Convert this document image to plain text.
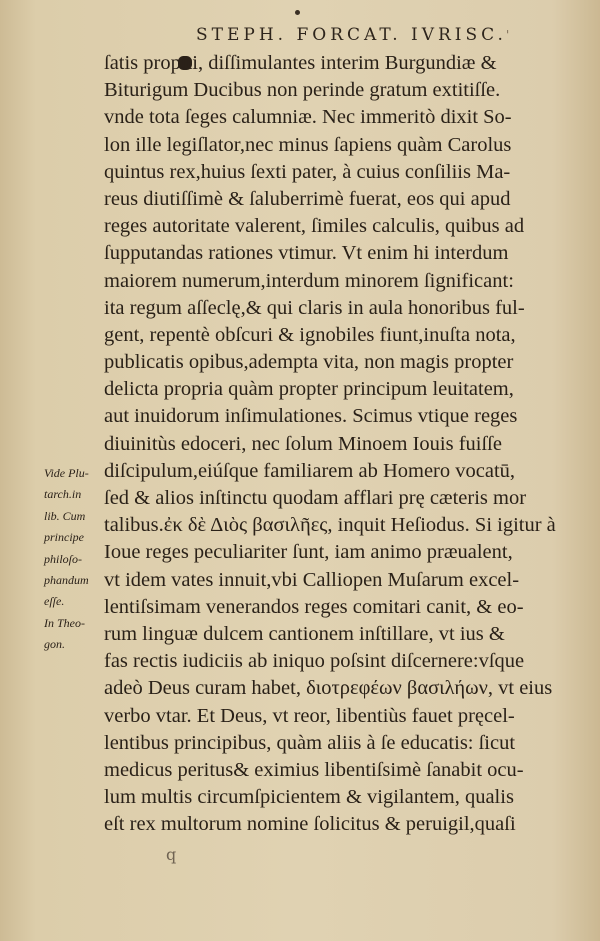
STEPH. FORCAT. IVRISC. '
ſatis propiti, diſſimulantes interim Burgundiæ &
Biturigum Ducibus non perinde gratum extitiſſe.
vnde tota ſeges calumniæ. Nec immeritò dixit So-
lon ille legiſlator,nec minus ſapiens quàm Carolus
quintus rex,huius ſexti pater, à cuius conſiliis Ma-
reus diutiſſimè & ſaluberrimè fuerat, eos qui apud
reges autoritate valerent, ſimiles calculis, quibus ad
ſupputandas rationes vtimur. Vt enim hi interdum
maiorem numerum,interdum minorem ſignificant:
ita regum aſſeclę,& qui claris in aula honoribus ful-
gent, repentè obſcuri & ignobiles fiunt,inuſta nota,
publicatis opibus,adempta vita, non magis propter
delicta propria quàm propter principum leuitatem,
aut inuidorum inſimulationes. Scimus vtique reges
diuinitùs edoceri, nec ſolum Minoem Iouis fuiſſe
diſcipulum,eiúſque familiarem ab Homero vocatū,
ſed & alios inſtinctu quodam afflari prę cæteris mor
talibus.ἐκ δὲ Διὸς βασιλῆες, inquit Heſiodus. Si igitur à
Ioue reges peculiariter ſunt, iam animo præualent,
vt idem vates innuit,vbi Calliopen Muſarum excel-
lentiſsimam venerandos reges comitari canit, & eo-
rum linguæ dulcem cantionem inſtillare, vt ius &
fas rectis iudiciis ab iniquo poſsint diſcernere:vſque
adeò Deus curam habet, διοτρεφέων βασιλήων, vt eius
verbo vtar. Et Deus, vt reor, libentiùs fauet pręcel-
lentibus principibus, quàm aliis à ſe educatis: ſicut
medicus peritus& eximius libentiſsimè ſanabit ocu-
lum multis circumſpicientem & vigilantem, qualis
eſt rex multorum nomine ſolicitus & peruigil,quaſi
Vide Plu-
tarch.in
lib. Cum
principe
philoſo-
phandum
eſſe.
In Theo-
gon.
q
